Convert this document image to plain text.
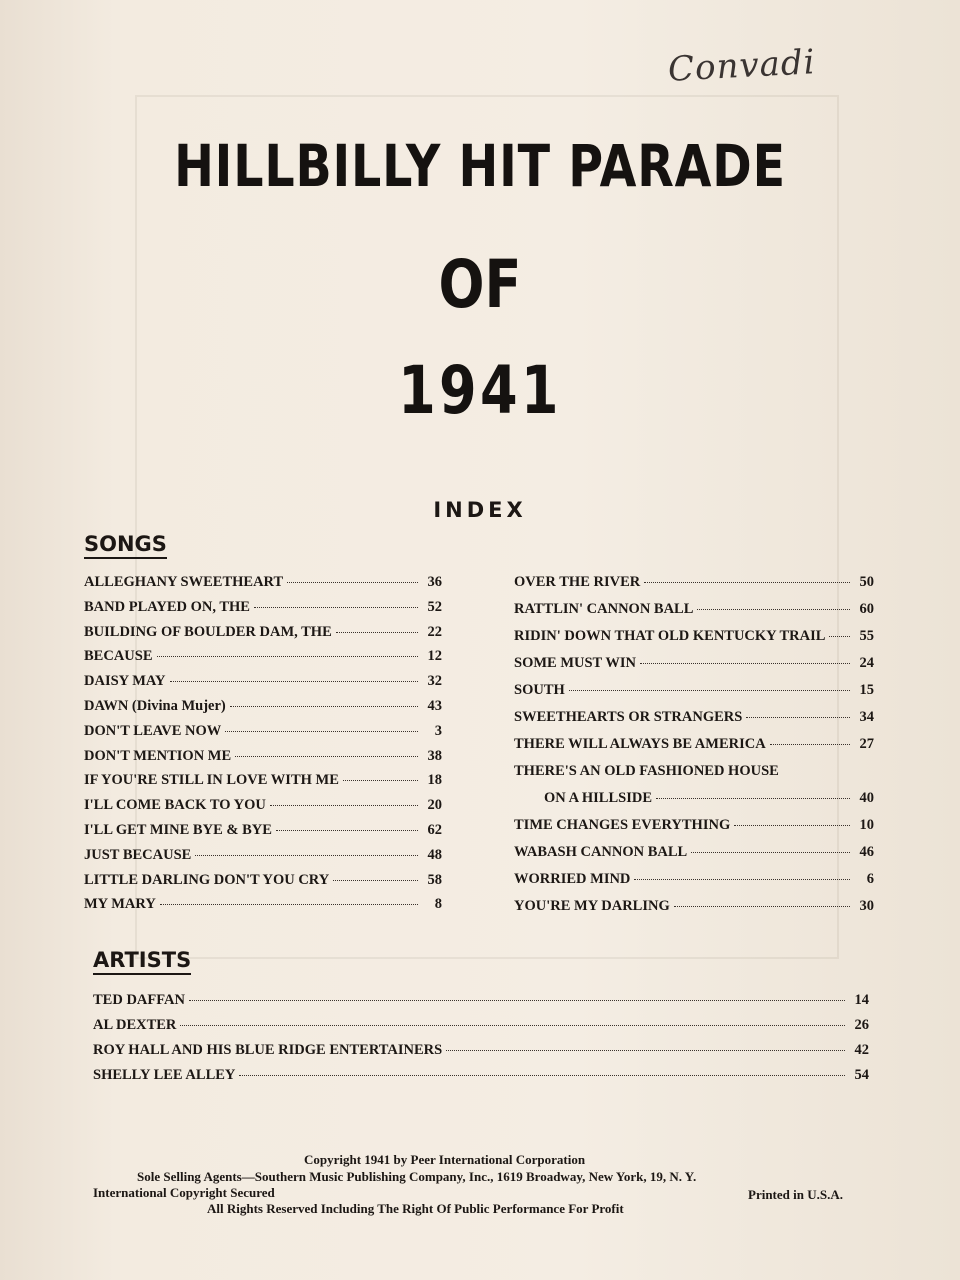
Convadi
HILLBILLY HIT PARADE
OF
1941
INDEX
SONGS
ALLEGHANY SWEETHEART	36
BAND PLAYED ON, THE	52
BUILDING OF BOULDER DAM, THE	22
BECAUSE	12
DAISY MAY	32
DAWN (Divina Mujer)	43
DON'T LEAVE NOW	3
DON'T MENTION ME	38
IF YOU'RE STILL IN LOVE WITH ME	18
I'LL COME BACK TO YOU	20
I'LL GET MINE BYE & BYE	62
JUST BECAUSE	48
LITTLE DARLING DON'T YOU CRY	58
MY MARY	8
OVER THE RIVER	50
RATTLIN' CANNON BALL	60
RIDIN' DOWN THAT OLD KENTUCKY TRAIL	55
SOME MUST WIN	24
SOUTH	15
SWEETHEARTS OR STRANGERS	34
THERE WILL ALWAYS BE AMERICA	27
THERE'S AN OLD FASHIONED HOUSE
ON A HILLSIDE	40
TIME CHANGES EVERYTHING	10
WABASH CANNON BALL	46
WORRIED MIND	6
YOU'RE MY DARLING	30
ARTISTS
TED DAFFAN	14
AL DEXTER	26
ROY HALL AND HIS BLUE RIDGE ENTERTAINERS	42
SHELLY LEE ALLEY	54
Copyright 1941 by Peer International Corporation
Sole Selling Agents—Southern Music Publishing Company, Inc., 1619 Broadway, New York, 19, N. Y.
International Copyright Secured	Printed in U.S.A.
All Rights Reserved Including The Right Of Public Performance For Profit
